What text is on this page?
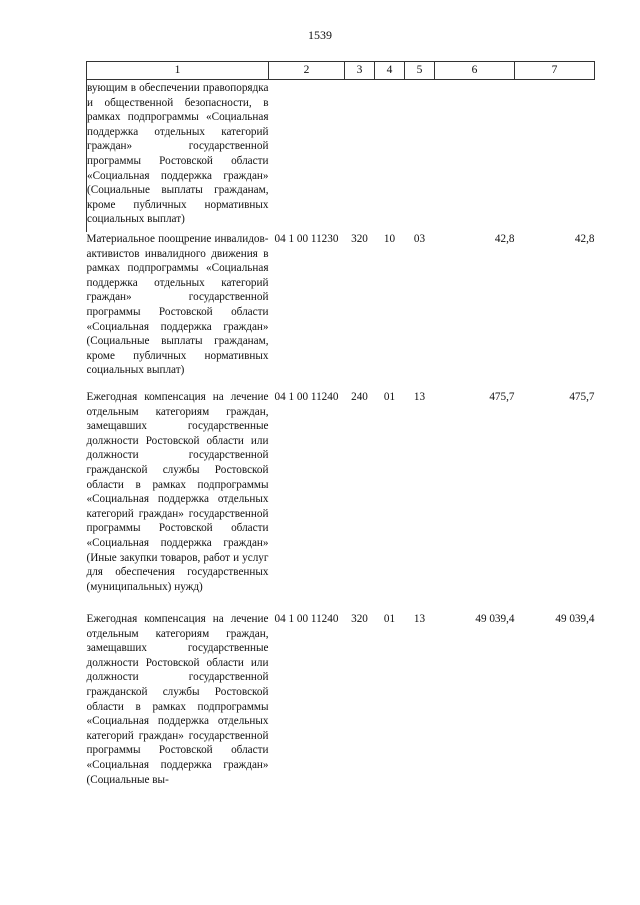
1539
1	2	3	4	5	6	7
вующим в обеспечении правопорядка и общественной безопасности, в рамках подпрограммы «Социальная поддержка отдельных категорий граждан» государственной программы Ростовской области «Социальная поддержка граждан» (Социальные выплаты гражданам, кроме публичных нормативных социальных выплат)						
Материальное поощрение инвалидов-активистов инвалидного движения в рамках подпрограммы «Социальная поддержка отдельных категорий граждан» государственной программы Ростовской области «Социальная поддержка граждан» (Социальные выплаты гражданам, кроме публичных нормативных социальных выплат)	04 1 00 11230	320	10	03	42,8	42,8
Ежегодная компенсация на лечение отдельным категориям граждан, замещавших государственные должности Ростовской области или должности государственной гражданской службы Ростовской области в рамках подпрограммы «Социальная поддержка отдельных категорий граждан» государственной программы Ростовской области «Социальная поддержка граждан» (Иные закупки товаров, работ и услуг для обеспечения государственных (муниципальных) нужд)	04 1 00 11240	240	01	13	475,7	475,7
Ежегодная компенсация на лечение отдельным категориям граждан, замещавших государственные должности Ростовской области или должности государственной гражданской службы Ростовской области в рамках подпрограммы «Социальная поддержка отдельных категорий граждан» государственной программы Ростовской области «Социальная поддержка граждан» (Социальные вы-	04 1 00 11240	320	01	13	49 039,4	49 039,4
